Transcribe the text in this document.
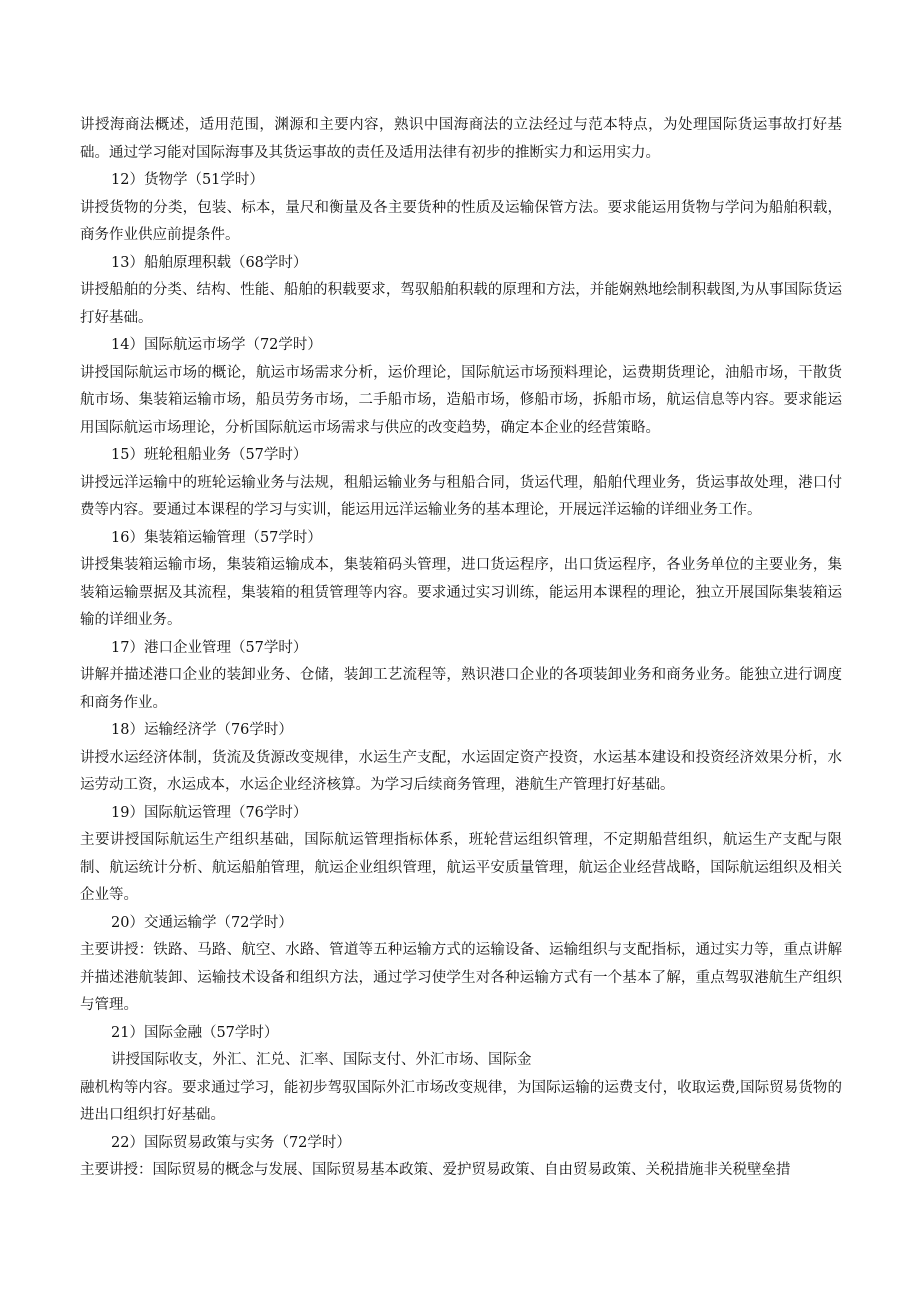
讲授海商法概述，适用范围，渊源和主要内容，熟识中国海商法的立法经过与范本特点，为处理国际货运事故打好基础。通过学习能对国际海事及其货运事故的责任及适用法律有初步的推断实力和运用实力。

12）货物学（51学时）

讲授货物的分类，包装、标本，量尺和衡量及各主要货种的性质及运输保管方法。要求能运用货物与学问为船舶积载，商务作业供应前提条件。

13）船舶原理积载（68学时）

讲授船舶的分类、结构、性能、船舶的积载要求，驾驭船舶积载的原理和方法，并能娴熟地绘制积载图,为从事国际货运打好基础。

14）国际航运市场学（72学时）

讲授国际航运市场的概论，航运市场需求分析，运价理论，国际航运市场预料理论，运费期货理论，油船市场，干散货航市场、集装箱运输市场，船员劳务市场，二手船市场，造船市场，修船市场，拆船市场，航运信息等内容。要求能运用国际航运市场理论，分析国际航运市场需求与供应的改变趋势，确定本企业的经营策略。

15）班轮租船业务（57学时）

讲授远洋运输中的班轮运输业务与法规，租船运输业务与租船合同，货运代理，船舶代理业务，货运事故处理，港口付费等内容。要通过本课程的学习与实训，能运用远洋运输业务的基本理论，开展远洋运输的详细业务工作。

16）集装箱运输管理（57学时）

讲授集装箱运输市场，集装箱运输成本，集装箱码头管理，进口货运程序，出口货运程序，各业务单位的主要业务，集装箱运输票据及其流程，集装箱的租赁管理等内容。要求通过实习训练，能运用本课程的理论，独立开展国际集装箱运输的详细业务。

17）港口企业管理（57学时）

讲解并描述港口企业的装卸业务、仓储，装卸工艺流程等，熟识港口企业的各项装卸业务和商务业务。能独立进行调度和商务作业。

18）运输经济学（76学时）

讲授水运经济体制，货流及货源改变规律，水运生产支配，水运固定资产投资，水运基本建设和投资经济效果分析，水运劳动工资，水运成本，水运企业经济核算。为学习后续商务管理，港航生产管理打好基础。

19）国际航运管理（76学时）

主要讲授国际航运生产组织基础，国际航运管理指标体系，班轮营运组织管理，不定期船营组织，航运生产支配与限制、航运统计分析、航运船舶管理，航运企业组织管理，航运平安质量管理，航运企业经营战略，国际航运组织及相关企业等。

20）交通运输学（72学时）

主要讲授：铁路、马路、航空、水路、管道等五种运输方式的运输设备、运输组织与支配指标，通过实力等，重点讲解并描述港航装卸、运输技术设备和组织方法，通过学习使学生对各种运输方式有一个基本了解，重点驾驭港航生产组织与管理。

21）国际金融（57学时）

讲授国际收支，外汇、汇兑、汇率、国际支付、外汇市场、国际金

融机构等内容。要求通过学习，能初步驾驭国际外汇市场改变规律，为国际运输的运费支付，收取运费,国际贸易货物的进出口组织打好基础。

22）国际贸易政策与实务（72学时）

主要讲授：国际贸易的概念与发展、国际贸易基本政策、爱护贸易政策、自由贸易政策、关税措施非关税壁垒措
